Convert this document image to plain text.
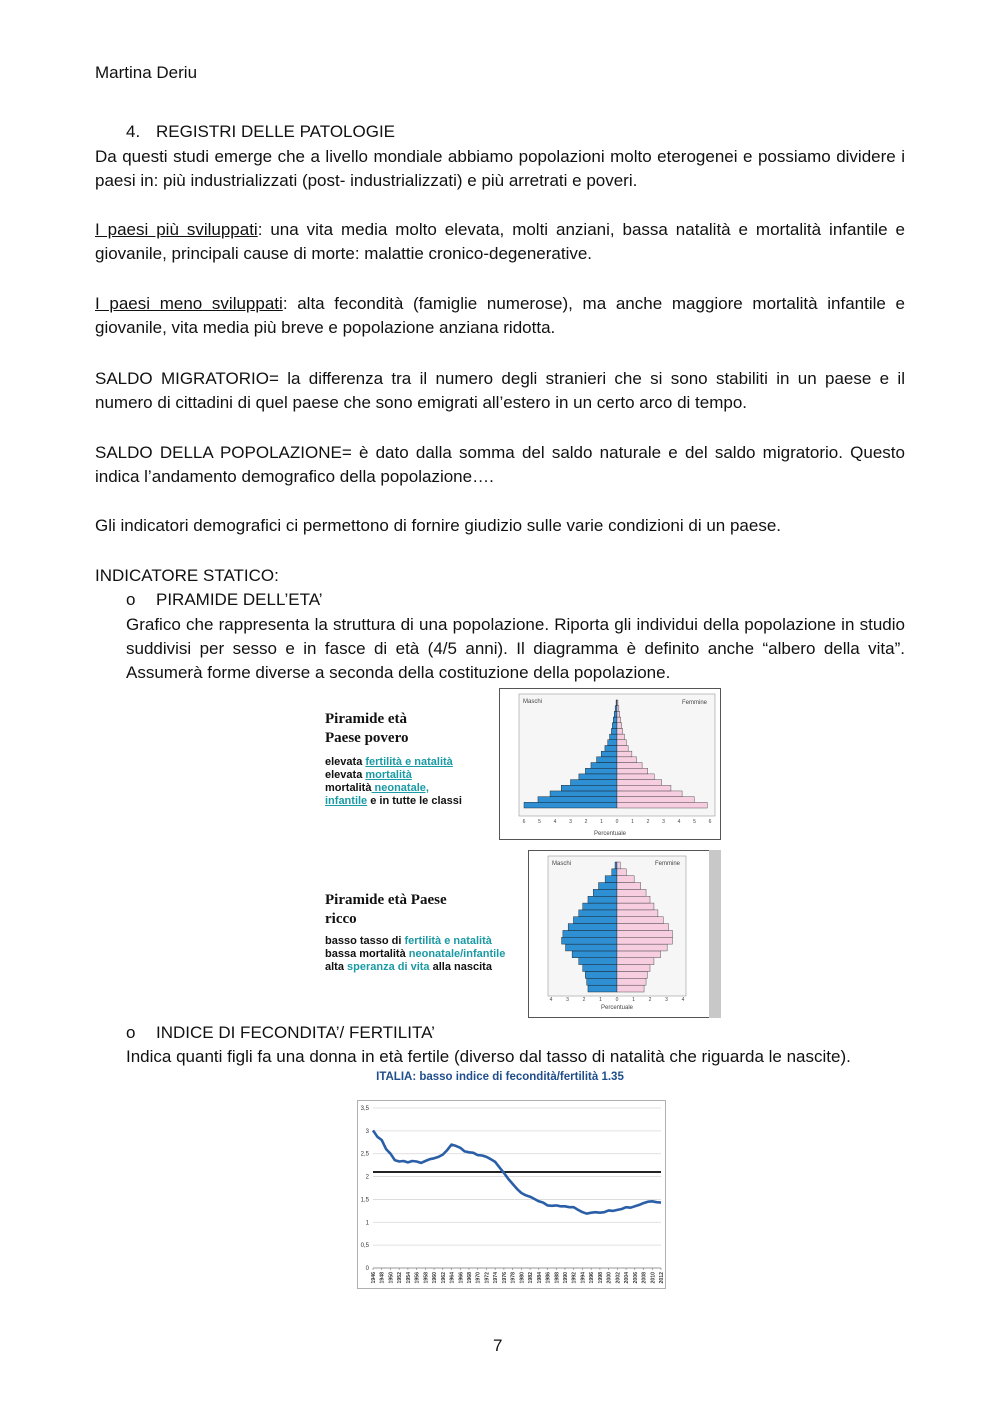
Martina Deriu

4. REGISTRI DELLE PATOLOGIE

Da questi studi emerge che a livello mondiale abbiamo popolazioni molto eterogenei e possiamo dividere i paesi in: più industrializzati (post- industrializzati) e più arretrati e poveri.

I paesi più sviluppati: una vita media molto elevata, molti anziani, bassa natalità e mortalità infantile e giovanile, principali cause di morte: malattie cronico-degenerative.

I paesi meno sviluppati: alta fecondità (famiglie numerose), ma anche maggiore mortalità infantile e giovanile, vita media più breve e popolazione anziana ridotta.

SALDO MIGRATORIO= la differenza tra il numero degli stranieri che si sono stabiliti in un paese e il numero di cittadini di quel paese che sono emigrati all’estero in un certo arco di tempo.

SALDO DELLA POPOLAZIONE= è dato dalla somma del saldo naturale e del saldo migratorio. Questo indica l’andamento demografico della popolazione….

Gli indicatori demografici ci permettono di fornire giudizio sulle varie condizioni di un paese.

INDICATORE STATICO:

o PIRAMIDE DELL’ETA’

Grafico che rappresenta la struttura di una popolazione. Riporta gli individui della popolazione in studio suddivisi per sesso e in fasce di età (4/5 anni). Il diagramma è definito anche “albero della vita”. Assumerà forme diverse a seconda della costituzione della popolazione.

Piramide età
Paese povero
elevata fertilità e natalità
elevata mortalità
mortalità neonatale,
infantile e in tutte le classi
Maschi	Femmine
6	5	4	3	2	1	0	1	2	3	4	5	6
Percentuale
Piramide età Paese
ricco
basso tasso di fertilità e natalità
bassa mortalità neonatale/infantile
alta speranza di vita alla nascita
Maschi	Femmine
4	3	2	1	0	1	2	3	4
Percentuale

o INDICE DI FECONDITA’/ FERTILITA’

Indica quanti figli fa una donna in età fertile (diverso dal tasso di natalità che riguarda le nascite).

ITALIA: basso indice di fecondità/fertilità 1.35
0
0,5
1
1,5
2
2,5
3
3,5
1946 1948 1950 1952 1954 1956 1958 1960 1962 1964 1966 1968 1970 1972 1974 1976 1978 1980 1982 1984 1986 1988 1990 1992 1994 1996 1998 2000 2002 2004 2006 2008 2010 2012

7
